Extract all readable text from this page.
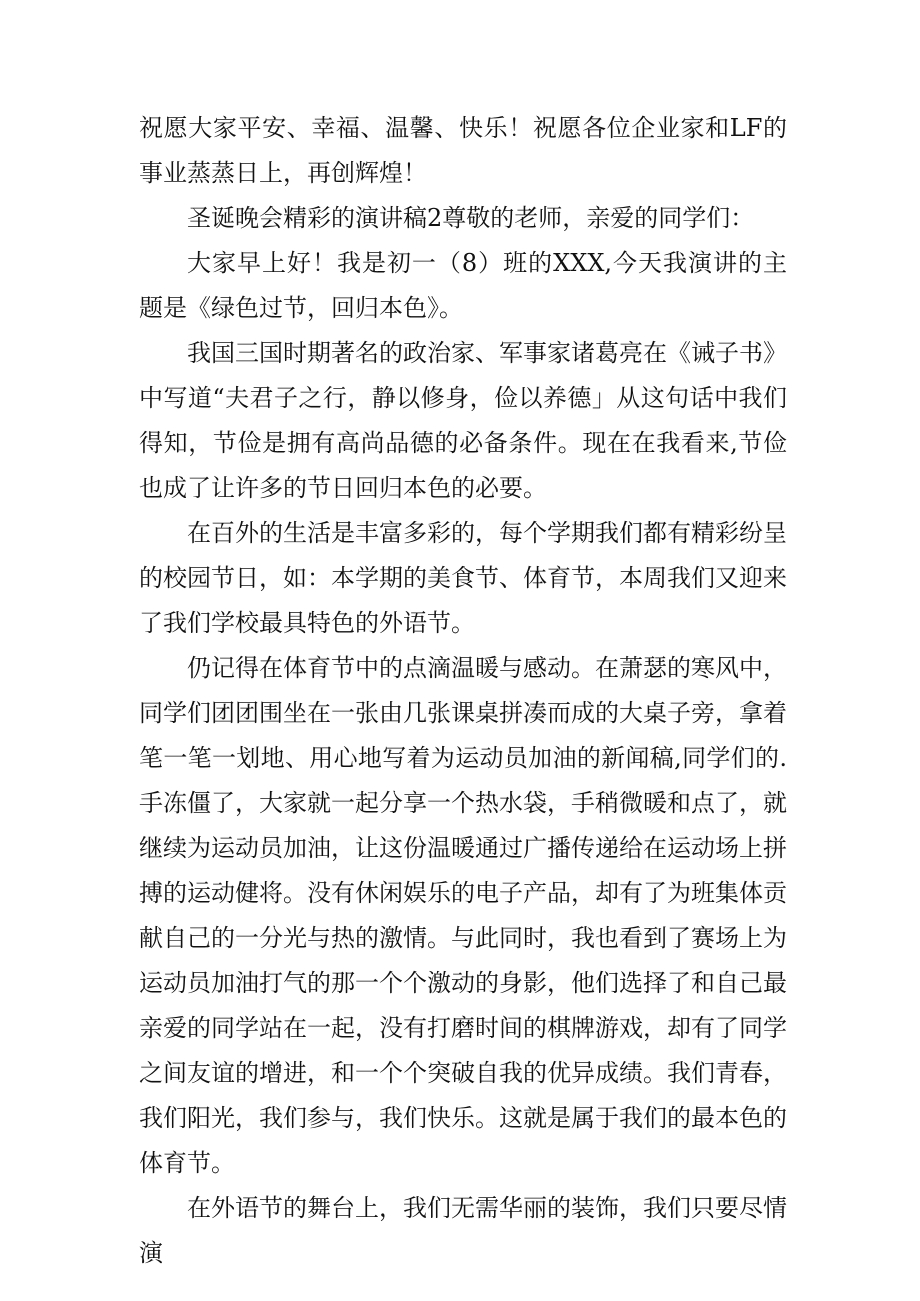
祝愿大家平安、幸福、温馨、快乐！祝愿各位企业家和LF的事业蒸蒸日上，再创辉煌！

圣诞晚会精彩的演讲稿2尊敬的老师，亲爱的同学们：

大家早上好！我是初一（8）班的XXX,今天我演讲的主题是《绿色过节，回归本色》。

我国三国时期著名的政治家、军事家诸葛亮在《诫子书》中写道“夫君子之行，静以修身，俭以养德」从这句话中我们得知，节俭是拥有高尚品德的必备条件。现在在我看来,节俭也成了让许多的节日回归本色的必要。

在百外的生活是丰富多彩的，每个学期我们都有精彩纷呈的校园节日，如：本学期的美食节、体育节，本周我们又迎来了我们学校最具特色的外语节。

仍记得在体育节中的点滴温暖与感动。在萧瑟的寒风中，同学们团团围坐在一张由几张课桌拼凑而成的大桌子旁，拿着笔一笔一划地、用心地写着为运动员加油的新闻稿,同学们的.手冻僵了，大家就一起分享一个热水袋，手稍微暖和点了，就继续为运动员加油，让这份温暖通过广播传递给在运动场上拼搏的运动健将。没有休闲娱乐的电子产品，却有了为班集体贡献自己的一分光与热的激情。与此同时，我也看到了赛场上为运动员加油打气的那一个个激动的身影，他们选择了和自己最亲爱的同学站在一起，没有打磨时间的棋牌游戏，却有了同学之间友谊的增进，和一个个突破自我的优异成绩。我们青春，我们阳光，我们参与，我们快乐。这就是属于我们的最本色的体育节。

在外语节的舞台上，我们无需华丽的装饰，我们只要尽情演
